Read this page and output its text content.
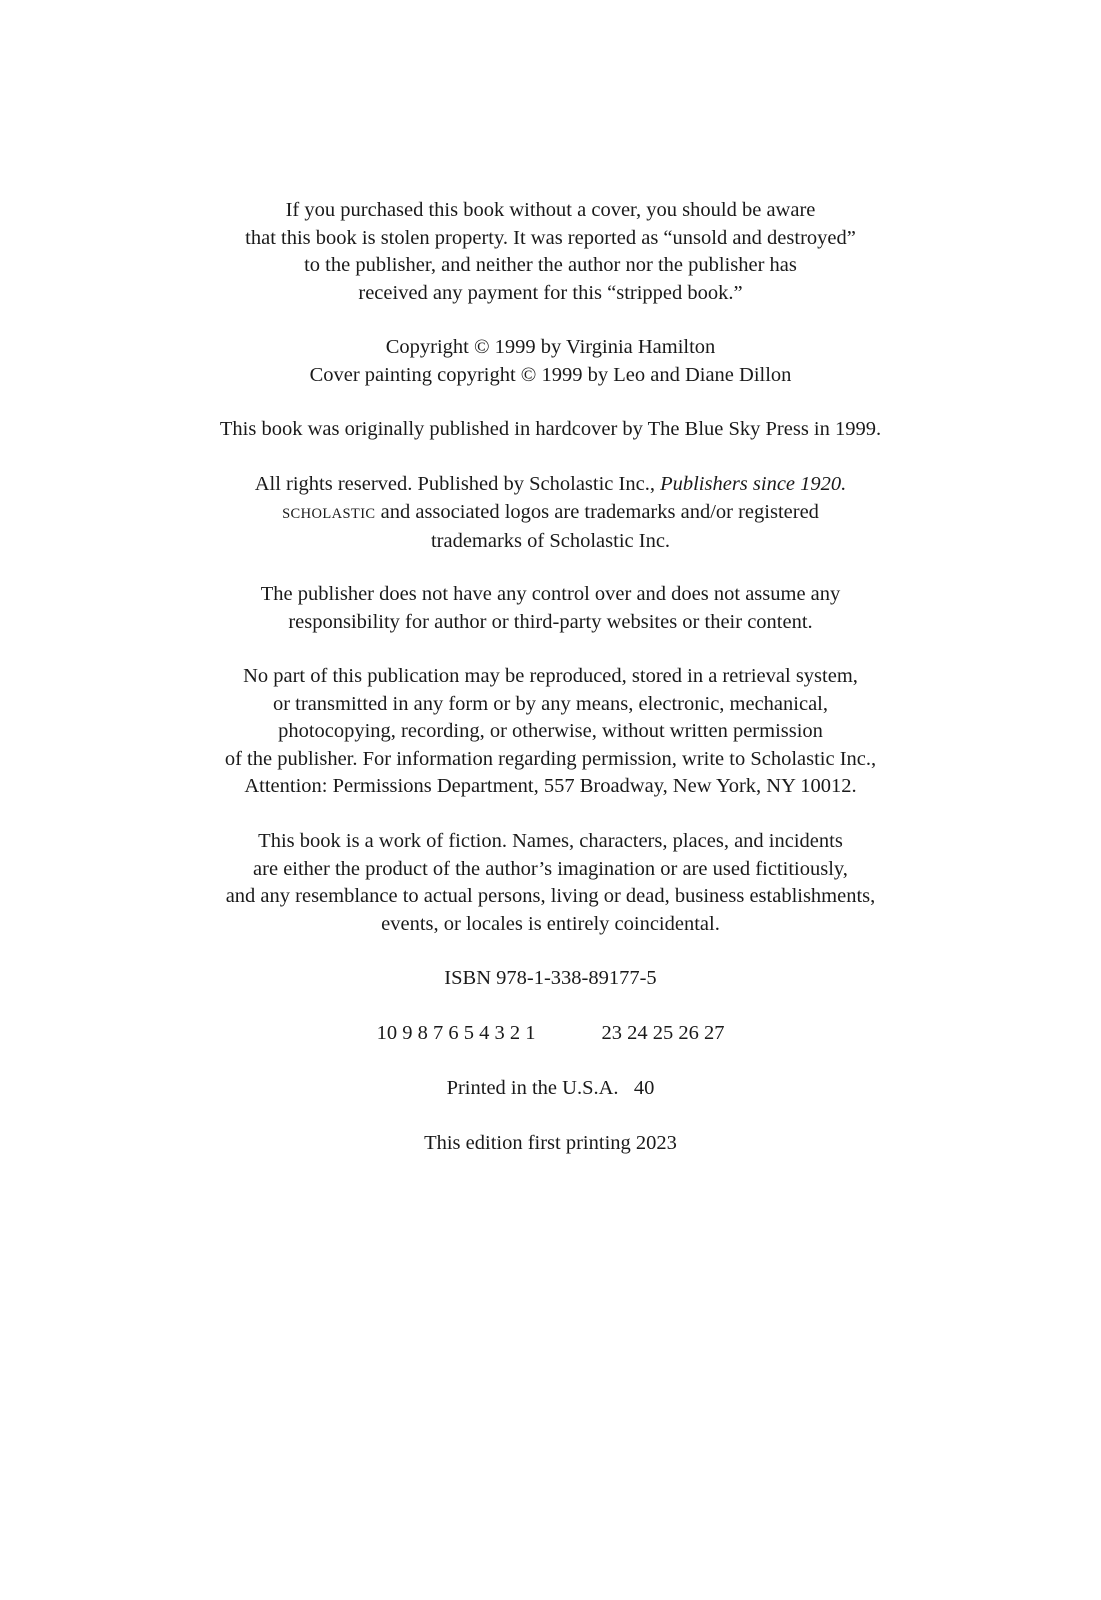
If you purchased this book without a cover, you should be aware
that this book is stolen property. It was reported as “unsold and destroyed”
to the publisher, and neither the author nor the publisher has
received any payment for this “stripped book.”
Copyright © 1999 by Virginia Hamilton
Cover painting copyright © 1999 by Leo and Diane Dillon
This book was originally published in hardcover by The Blue Sky Press in 1999.
All rights reserved. Published by Scholastic Inc., Publishers since 1920.
SCHOLASTIC and associated logos are trademarks and/or registered
trademarks of Scholastic Inc.
The publisher does not have any control over and does not assume any
responsibility for author or third-party websites or their content.
No part of this publication may be reproduced, stored in a retrieval system,
or transmitted in any form or by any means, electronic, mechanical,
photocopying, recording, or otherwise, without written permission
of the publisher. For information regarding permission, write to Scholastic Inc.,
Attention: Permissions Department, 557 Broadway, New York, NY 10012.
This book is a work of fiction. Names, characters, places, and incidents
are either the product of the author’s imagination or are used fictitiously,
and any resemblance to actual persons, living or dead, business establishments,
events, or locales is entirely coincidental.
ISBN 978-1-338-89177-5
10 9 8 7 6 5 4 3 2 1	23 24 25 26 27
Printed in the U.S.A.   40
This edition first printing 2023
